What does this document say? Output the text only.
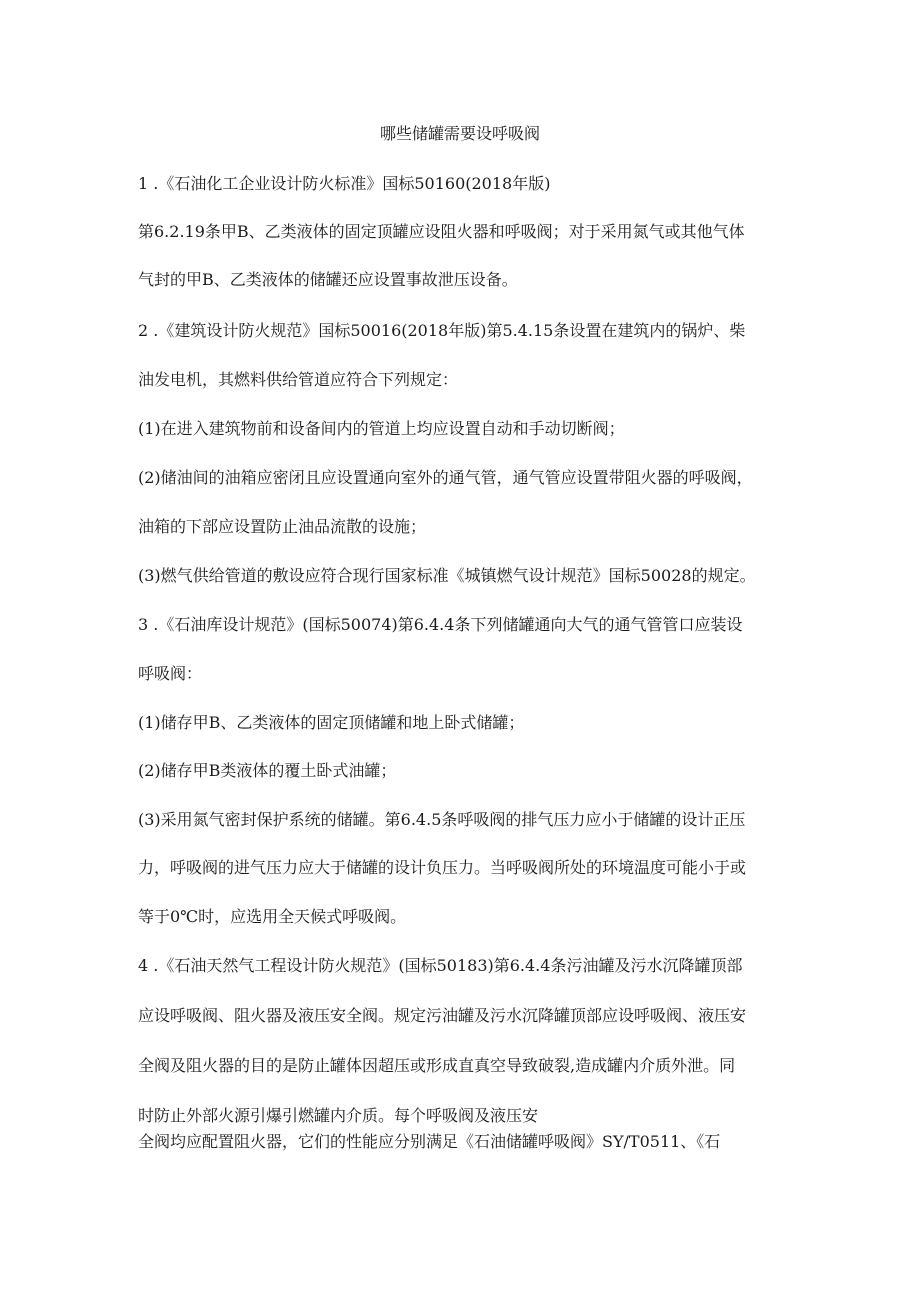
哪些储罐需要设呼吸阀
1 .《石油化工企业设计防火标准》国标50160(2018年版)
第6.2.19条甲B、乙类液体的固定顶罐应设阻火器和呼吸阀；对于采用氮气或其他气体
气封的甲B、乙类液体的储罐还应设置事故泄压设备。
2 .《建筑设计防火规范》国标50016(2018年版)第5.4.15条设置在建筑内的锅炉、柴
油发电机，其燃料供给管道应符合下列规定：
(1)在进入建筑物前和设备间内的管道上均应设置自动和手动切断阀；
(2)储油间的油箱应密闭且应设置通向室外的通气管，通气管应设置带阻火器的呼吸阀，
油箱的下部应设置防止油品流散的设施；
(3)燃气供给管道的敷设应符合现行国家标准《城镇燃气设计规范》国标50028的规定。
3 .《石油库设计规范》(国标50074)第6.4.4条下列储罐通向大气的通气管管口应装设
呼吸阀：
(1)储存甲B、乙类液体的固定顶储罐和地上卧式储罐；
(2)储存甲B类液体的覆土卧式油罐；
(3)采用氮气密封保护系统的储罐。第6.4.5条呼吸阀的排气压力应小于储罐的设计正压
力，呼吸阀的进气压力应大于储罐的设计负压力。当呼吸阀所处的环境温度可能小于或
等于0℃时，应选用全天候式呼吸阀。
4 .《石油天然气工程设计防火规范》(国标50183)第6.4.4条污油罐及污水沉降罐顶部
应设呼吸阀、阻火器及液压安全阀。规定污油罐及污水沉降罐顶部应设呼吸阀、液压安
全阀及阻火器的目的是防止罐体因超压或形成直真空导致破裂,造成罐内介质外泄。同
时防止外部火源引爆引燃罐内介质。每个呼吸阀及液压安
全阀均应配置阻火器，它们的性能应分别满足《石油储罐呼吸阀》SY/T0511、《石
